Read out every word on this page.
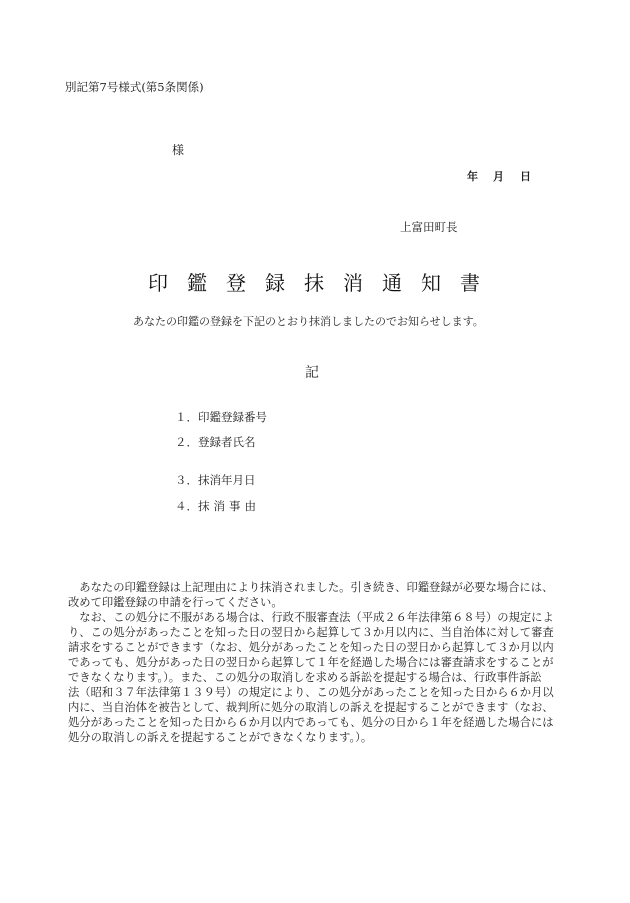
別記第7号様式(第5条関係)
様
年 月 日
上富田町長
印鑑登録抹消通知書
あなたの印鑑の登録を下記のとおり抹消しましたのでお知らせします。
記
１．印鑑登録番号
２．登録者氏名
３．抹消年月日
４．抹消事由
あなたの印鑑登録は上記理由により抹消されました。引き続き、印鑑登録が必要な場合には、
改めて印鑑登録の申請を行ってください。
なお、この処分に不服がある場合は、行政不服審査法（平成２６年法律第６８号）の規定によ
り、この処分があったことを知った日の翌日から起算して３か月以内に、当自治体に対して審査
請求をすることができます（なお、処分があったことを知った日の翌日から起算して３か月以内
であっても、処分があった日の翌日から起算して１年を経過した場合には審査請求をすることが
できなくなります。）。また、この処分の取消しを求める訴訟を提起する場合は、行政事件訴訟
法（昭和３７年法律第１３９号）の規定により、この処分があったことを知った日から６か月以
内に、当自治体を被告として、裁判所に処分の取消しの訴えを提起することができます（なお、
処分があったことを知った日から６か月以内であっても、処分の日から１年を経過した場合には
処分の取消しの訴えを提起することができなくなります。）。
